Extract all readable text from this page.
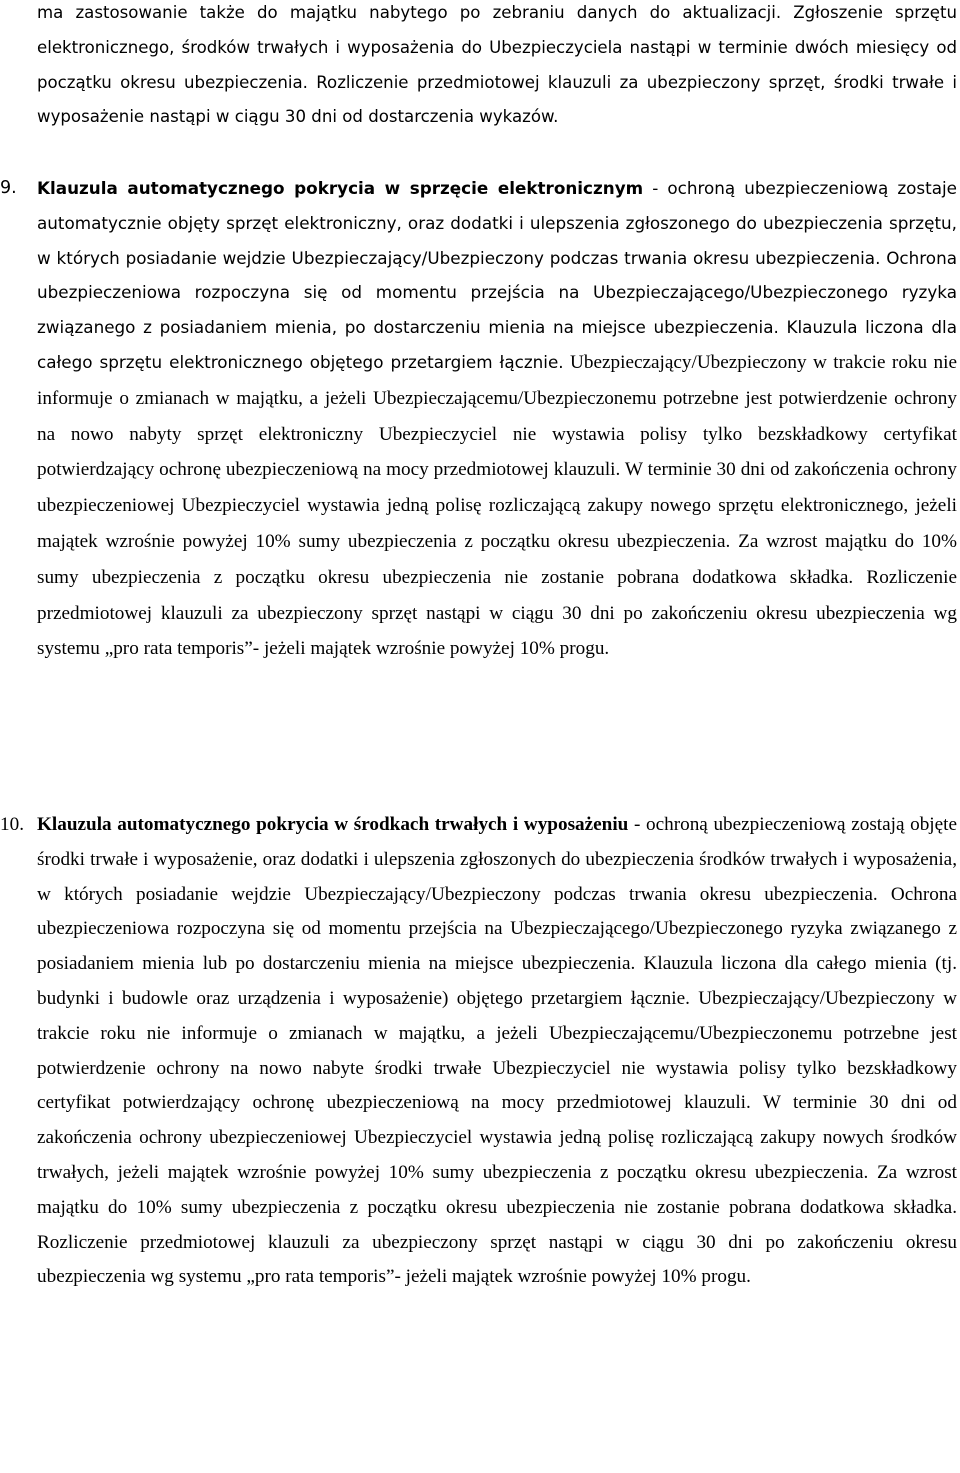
ma zastosowanie także do majątku nabytego po zebraniu danych do aktualizacji. Zgłoszenie sprzętu elektronicznego, środków trwałych i wyposażenia do Ubezpieczyciela nastąpi w terminie dwóch miesięcy od początku okresu ubezpieczenia. Rozliczenie przedmiotowej klauzuli za ubezpieczony sprzęt, środki trwałe i wyposażenie nastąpi w ciągu 30 dni od dostarczenia wykazów.

9. Klauzula automatycznego pokrycia w sprzęcie elektronicznym - ochroną ubezpieczeniową zostaje automatycznie objęty sprzęt elektroniczny, oraz dodatki i ulepszenia zgłoszonego do ubezpieczenia sprzętu, w których posiadanie wejdzie Ubezpieczający/Ubezpieczony podczas trwania okresu ubezpieczenia. Ochrona ubezpieczeniowa rozpoczyna się od momentu przejścia na Ubezpieczającego/Ubezpieczonego ryzyka związanego z posiadaniem mienia, po dostarczeniu mienia na miejsce ubezpieczenia. Klauzula liczona dla całego sprzętu elektronicznego objętego przetargiem łącznie. Ubezpieczający/Ubezpieczony w trakcie roku nie informuje o zmianach w majątku, a jeżeli Ubezpieczającemu/Ubezpieczonemu potrzebne jest potwierdzenie ochrony na nowo nabyty sprzęt elektroniczny Ubezpieczyciel nie wystawia polisy tylko bezskładkowy certyfikat potwierdzający ochronę ubezpieczeniową na mocy przedmiotowej klauzuli. W terminie 30 dni od zakończenia ochrony ubezpieczeniowej Ubezpieczyciel wystawia jedną polisę rozliczającą zakupy nowego sprzętu elektronicznego, jeżeli majątek wzrośnie powyżej 10% sumy ubezpieczenia z początku okresu ubezpieczenia. Za wzrost majątku do 10% sumy ubezpieczenia z początku okresu ubezpieczenia nie zostanie pobrana dodatkowa składka. Rozliczenie przedmiotowej klauzuli za ubezpieczony sprzęt nastąpi w ciągu 30 dni po zakończeniu okresu ubezpieczenia wg systemu „pro rata temporis”- jeżeli majątek wzrośnie powyżej 10% progu.

10. Klauzula automatycznego pokrycia w środkach trwałych i wyposażeniu - ochroną ubezpieczeniową zostają objęte środki trwałe i wyposażenie, oraz dodatki i ulepszenia zgłoszonych do ubezpieczenia środków trwałych i wyposażenia, w których posiadanie wejdzie Ubezpieczający/Ubezpieczony podczas trwania okresu ubezpieczenia. Ochrona ubezpieczeniowa rozpoczyna się od momentu przejścia na Ubezpieczającego/Ubezpieczonego ryzyka związanego z posiadaniem mienia lub po dostarczeniu mienia na miejsce ubezpieczenia. Klauzula liczona dla całego mienia (tj. budynki i budowle oraz urządzenia i wyposażenie) objętego przetargiem łącznie. Ubezpieczający/Ubezpieczony w trakcie roku nie informuje o zmianach w majątku, a jeżeli Ubezpieczającemu/Ubezpieczonemu potrzebne jest potwierdzenie ochrony na nowo nabyte środki trwałe Ubezpieczyciel nie wystawia polisy tylko bezskładkowy certyfikat potwierdzający ochronę ubezpieczeniową na mocy przedmiotowej klauzuli. W terminie 30 dni od zakończenia ochrony ubezpieczeniowej Ubezpieczyciel wystawia jedną polisę rozliczającą zakupy nowych środków trwałych, jeżeli majątek wzrośnie powyżej 10% sumy ubezpieczenia z początku okresu ubezpieczenia. Za wzrost majątku do 10% sumy ubezpieczenia z początku okresu ubezpieczenia nie zostanie pobrana dodatkowa składka. Rozliczenie przedmiotowej klauzuli za ubezpieczony sprzęt nastąpi w ciągu 30 dni po zakończeniu okresu ubezpieczenia wg systemu „pro rata temporis”- jeżeli majątek wzrośnie powyżej 10% progu.
